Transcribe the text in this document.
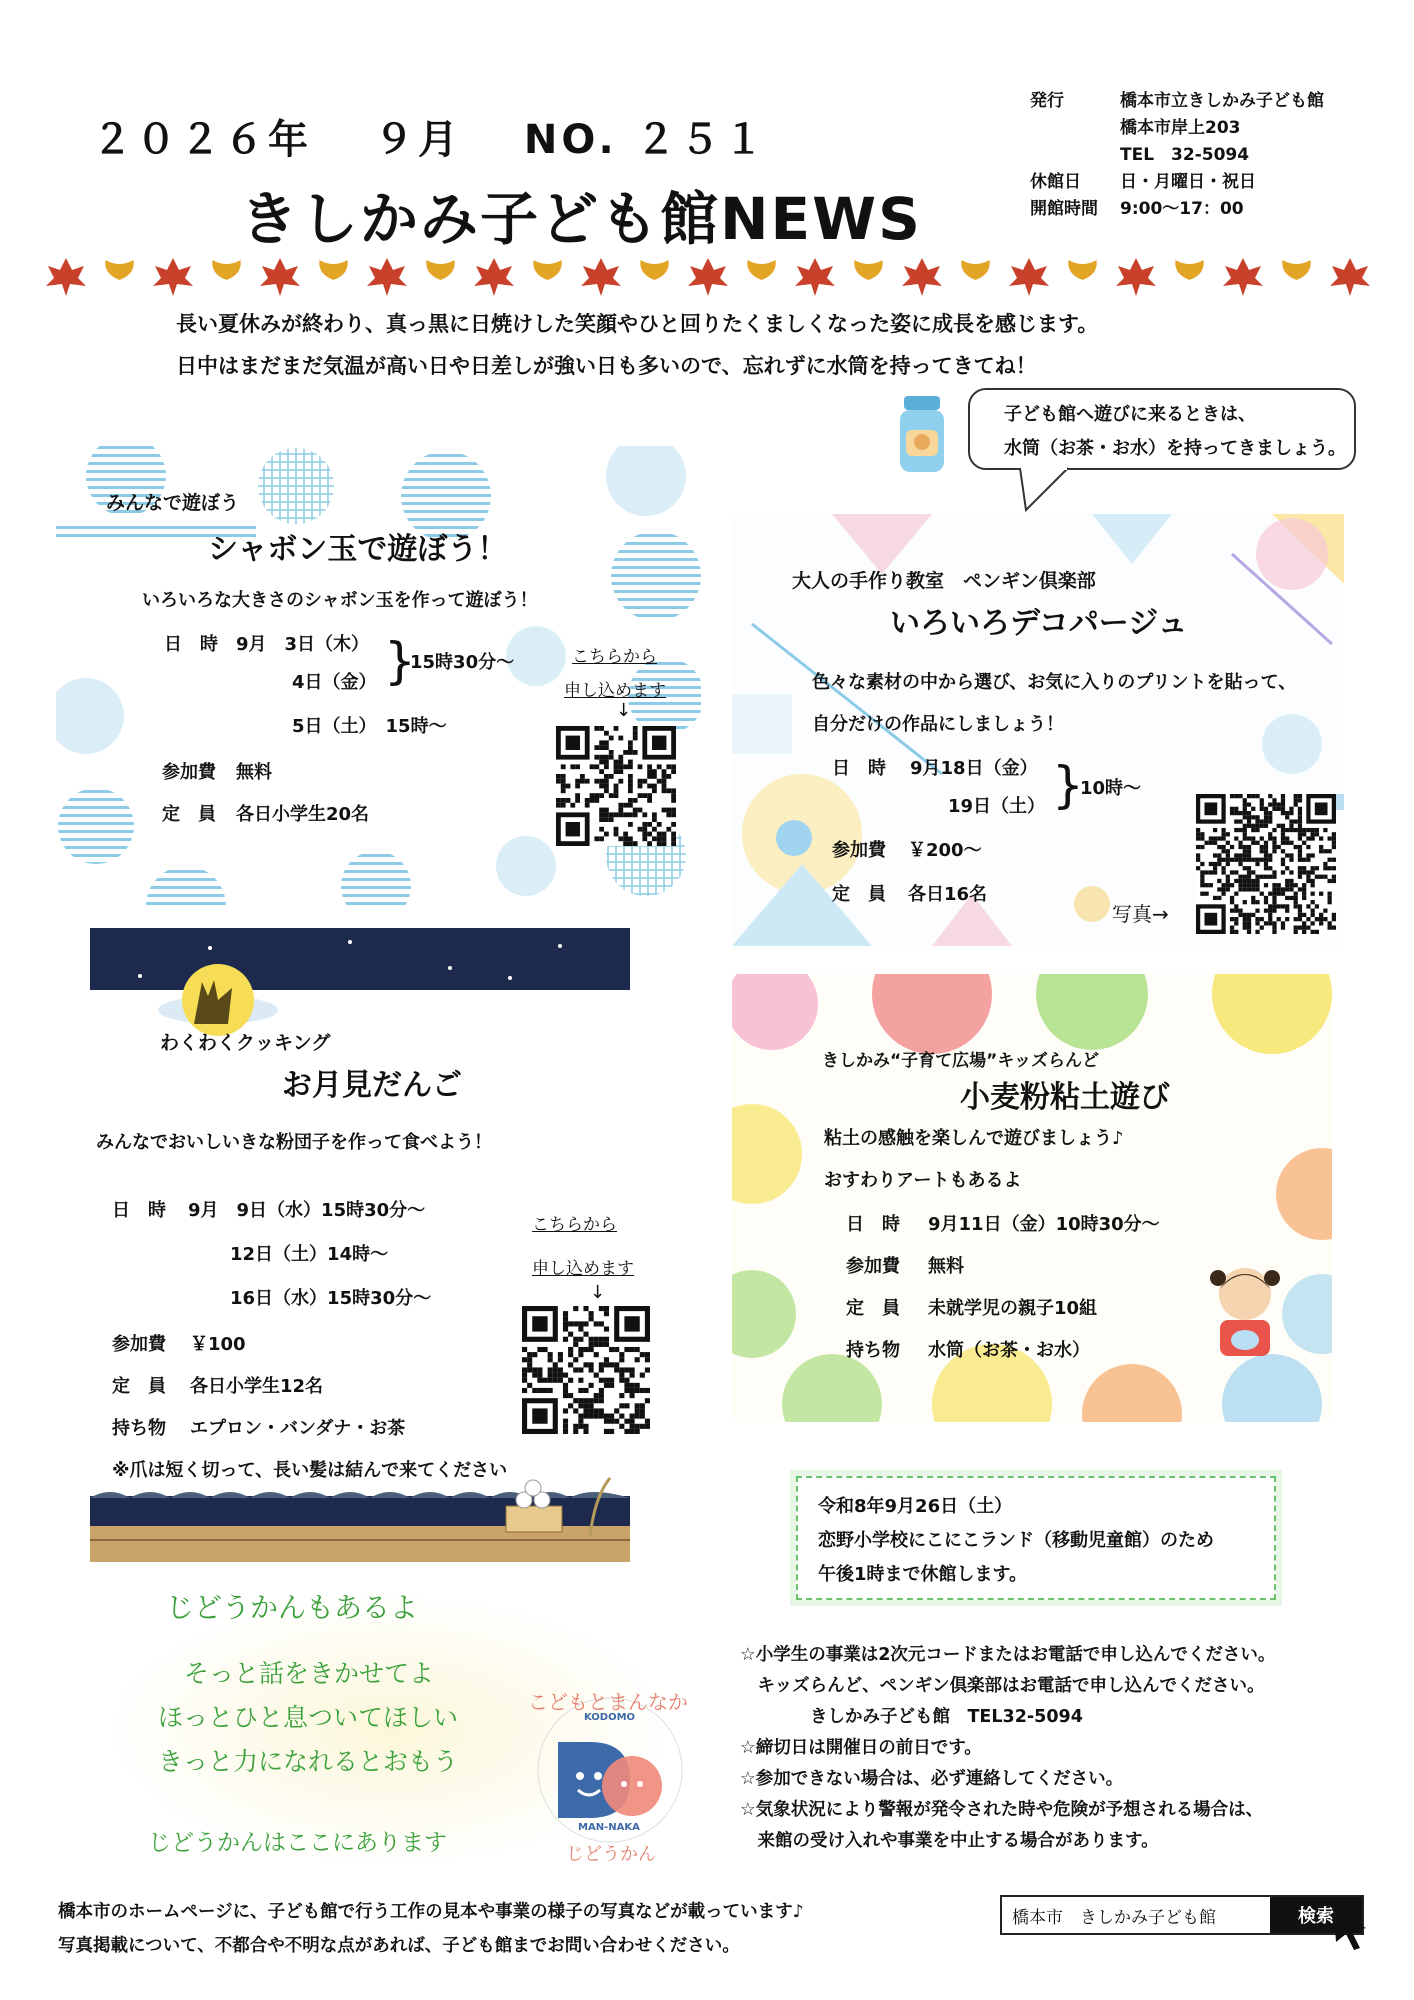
２０２６年　 ９月　 NO. ２５１
きしかみ子ども館NEWS
発行	橋本市立きしかみ子ども館
橋本市岸上203
TEL　32-5094
休館日	日・月曜日・祝日
開館時間	9:00～17：00
長い夏休みが終わり、真っ黒に日焼けした笑顔やひと回りたくましくなった姿に成長を感じます。
日中はまだまだ気温が高い日や日差しが強い日も多いので、忘れずに水筒を持ってきてね！
子ども館へ遊びに来るときは、
水筒（お茶・お水）を持ってきましょう。
みんなで遊ぼう
シャボン玉で遊ぼう！
いろいろな大きさのシャボン玉を作って遊ぼう！
日　時 9月　3日（木）
4日（金） }
15時30分～
5日（土）　15時～
参加費 無料
定　員 各日小学生20名
こちらから
申し込めます
↓
大人の手作り教室　ペンギン倶楽部
いろいろデコパージュ
色々な素材の中から選び、お気に入りのプリントを貼って、
自分だけの作品にしましょう！
日　時 9月18日（金）
19日（土） }
10時～
参加費 ￥200～
定　員 各日16名
写真→
わくわくクッキング
お月見だんご
みんなでおいしいきな粉団子を作って食べよう！
日　時 9月　9日（水）15時30分～
12日（土）14時～
16日（水）15時30分～
参加費 ￥100
定　員 各日小学生12名
持ち物 エプロン・バンダナ・お茶
※爪は短く切って、長い髪は結んで来てください
こちらから
申し込めます
↓
きしかみ“子育て広場”キッズらんど
小麦粉粘土遊び
粘土の感触を楽しんで遊びましょう♪
おすわりアートもあるよ
日　時 9月11日（金）10時30分～
参加費 無料
定　員 未就学児の親子10組
持ち物 水筒（お茶・お水）
令和8年9月26日（土）
恋野小学校にこにこランド（移動児童館）のため
午後1時まで休館します。
じどうかんもあるよ
そっと話をきかせてよ
ほっとひと息ついてほしい
きっと力になれるとおもう
じどうかんはここにあります
こどもとまんなか
KODOMO
MAN-NAKA
じどうかん
☆小学生の事業は2次元コードまたはお電話で申し込んでください。
　キッズらんど、ペンギン倶楽部はお電話で申し込んでください。
　　　　きしかみ子ども館　TEL32-5094
☆締切日は開催日の前日です。
☆参加できない場合は、必ず連絡してください。
☆気象状況により警報が発令された時や危険が予想される場合は、
　来館の受け入れや事業を中止する場合があります。
橋本市のホームページに、子ども館で行う工作の見本や事業の様子の写真などが載っています♪
写真掲載について、不都合や不明な点があれば、子ども館までお問い合わせください。
橋本市　きしかみ子ども館	検索
